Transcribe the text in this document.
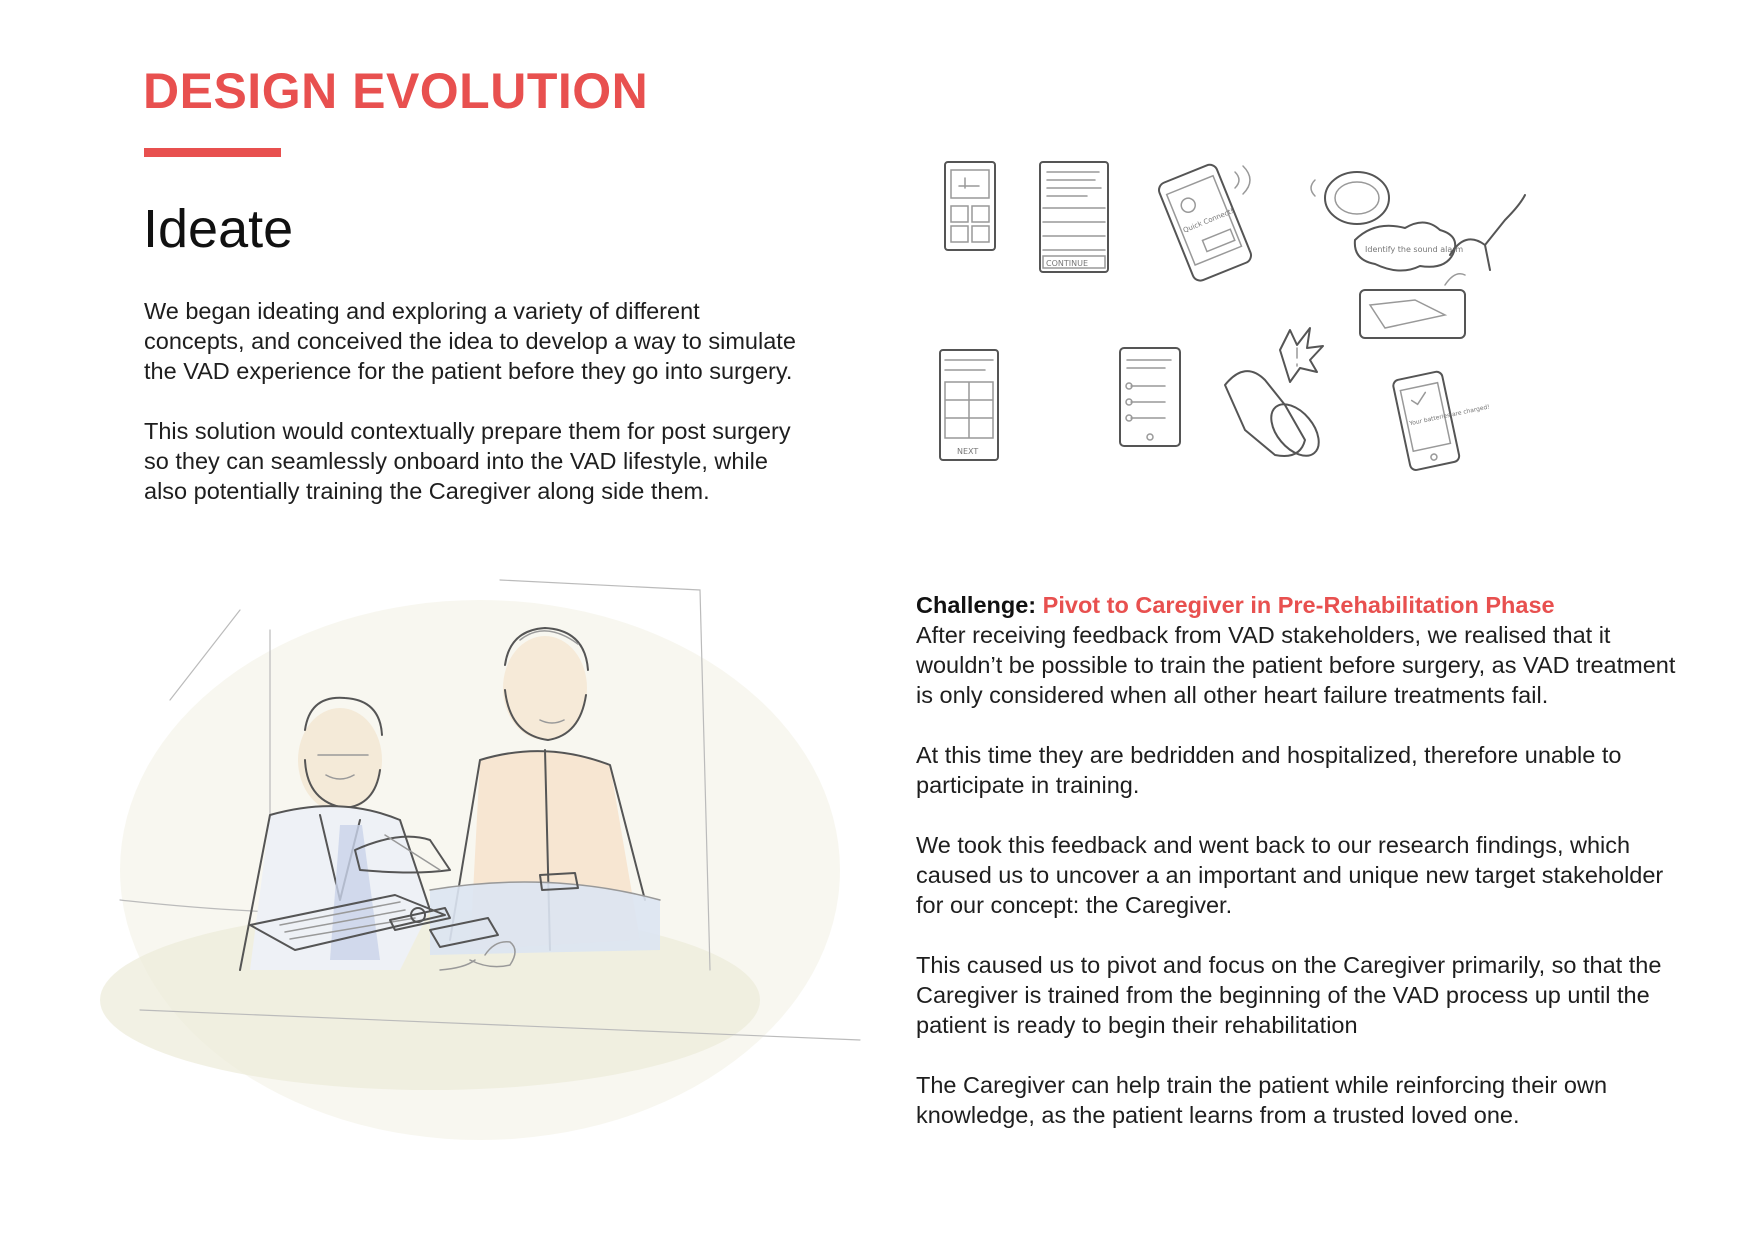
DESIGN EVOLUTION
Ideate

We began ideating and exploring a variety of different concepts, and conceived the idea to develop a way to simulate the VAD experience for the patient before they go into surgery.

This solution would contextually prepare them for post surgery so they can seamlessly onboard into the VAD lifestyle, while also potentially training the Caregiver along side them.

CONTINUE
Quick Connect!
Identify the sound alarm
NEXT
Your batteries are charged!

Challenge: Pivot to Caregiver in Pre-Rehabilitation Phase

After receiving feedback from VAD stakeholders, we realised that it wouldn’t be possible to train the patient before surgery, as VAD treatment is only considered when all other heart failure treatments fail.

At this time they are bedridden and hospitalized, therefore unable to participate in training.

We took this feedback and went back to our research findings, which caused us to uncover a an important and unique new target stakeholder for our concept: the Caregiver.

This caused us to pivot and focus on the Caregiver primarily, so that the Caregiver is trained from the beginning of the VAD process up until the patient is ready to begin their rehabilitation

The Caregiver can help train the patient while reinforcing their own knowledge, as the patient learns from a trusted loved one.
